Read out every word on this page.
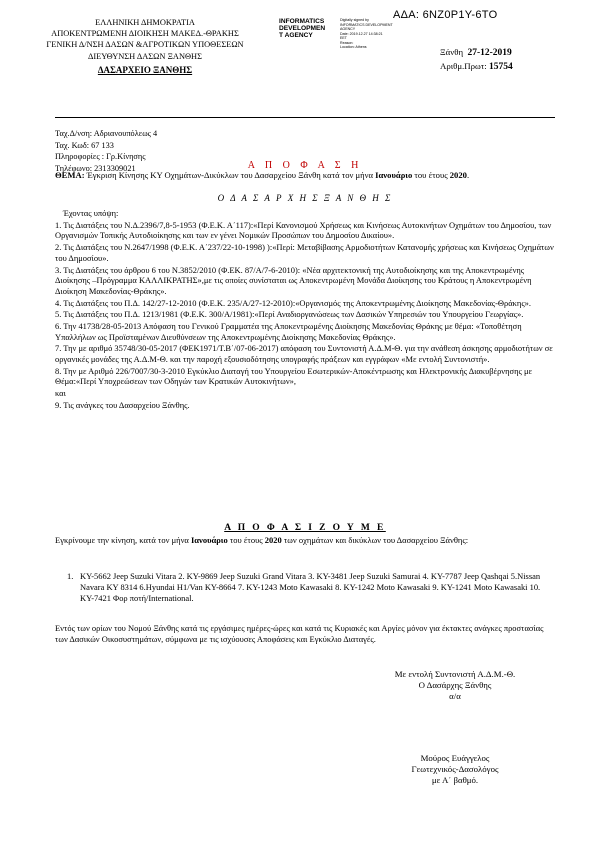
ΑΔΑ: 6ΝΖ0Ρ1Υ-6ΤΟ
ΕΛΛΗΝΙΚΗ ΔΗΜΟΚΡΑΤΙΑ
ΑΠΟΚΕΝΤΡΩΜΕΝΗ ΔΙΟΙΚΗΣΗ ΜΑΚΕΔ.-ΘΡΑΚΗΣ
ΓΕΝΙΚΗ Δ/ΝΣΗ ΔΑΣΩΝ &ΑΓΡΟΤΙΚΩΝ ΥΠΟΘΕΣΕΩΝ
ΔΙΕΥΘΥΝΣΗ ΔΑΣΩΝ ΞΑΝΘΗΣ
ΔΑΣΑΡΧΕΙΟ ΞΑΝΘΗΣ
INFORMATICS
DEVELOPMEN
T AGENCY
Digitally signed by
INFORMATICS DEVELOPMENT AGENCY
Date: 2019.12.27 14:38:21
EET
Reason:
Location: Athens	Ξάνθη 27-12-2019
Αριθμ.Πρωτ: 15754
Ταχ.Δ/νση: Αδριανουπόλεως 4
Ταχ. Κωδ: 67 133
Πληροφορίες : Γρ.Κίνησης
Τηλέφωνο: 2313309021	Α Π Ο Φ Α Σ Η
ΘΕΜΑ: Έγκριση Κίνησης ΚΥ Οχημάτων-Δικύκλων του Δασαρχείου Ξάνθη κατά τον μήνα Ιανουάριο του έτους 2020.
Ο Δ Α Σ Α Ρ Χ Η Σ Ξ Α Ν Θ Η Σ

Έχοντας υπόψη:

1. Τις Διατάξεις του Ν.Δ.2396/7,8-5-1953 (Φ.Ε.Κ. Α΄117):«Περί Κανονισμού Χρήσεως και Κινήσεως Αυτοκινήτων Οχημάτων του Δημοσίου, των Οργανισμών Τοπικής Αυτοδιοίκησης και των εν γένει Νομικών Προσώπων του Δημοσίου Δικαίου».

2. Τις Διατάξεις του Ν.2647/1998 (Φ.Ε.Κ. Α΄237/22-10-1998) ):«Περί: Μεταβίβασης Αρμοδιοτήτων Κατανομής χρήσεως και Κινήσεως Οχημάτων του Δημοσίου».

3. Τις Διατάξεις του άρθρου 6 του Ν.3852/2010 (Φ.ΕΚ. 87/Α/7-6-2010): «Νέα αρχιτεκτονική της Αυτοδιοίκησης και της Αποκεντρωμένης Διοίκησης –Πρόγραμμα ΚΑΛΛΙΚΡΑΤΗΣ»,με τις οποίες συνίσταται ως Αποκεντρωμένη Μονάδα Διοίκησης του Κράτους η Αποκεντρωμένη Διοίκηση Μακεδονίας-Θράκης».

4. Τις Διατάξεις του Π.Δ. 142/27-12-2010 (Φ.Ε.Κ. 235/Α/27-12-2010):«Οργανισμός της Αποκεντρωμένης Διοίκησης Μακεδονίας-Θράκης».

5. Τις Διατάξεις του Π.Δ. 1213/1981 (Φ.Ε.Κ. 300/Α/1981):«Περί Αναδιοργανώσεως των Δασικών Υπηρεσιών του Υπουργείου Γεωργίας».

6. Την 41738/28-05-2013 Απόφαση του Γενικού Γραμματέα της Αποκεντρωμένης Διοίκησης Μακεδονίας Θράκης με θέμα: «Τοποθέτηση Υπαλλήλων ως Προϊσταμένων Διευθύνσεων της Αποκεντρωμένης Διοίκησης Μακεδονίας Θράκης».

7. Την με αριθμό 35748/30-05-2017 (ΦΕΚ1971/Τ.Β΄/07-06-2017) απόφαση του Συντονιστή Α.Δ.Μ-Θ. για την ανάθεση άσκησης αρμοδιοτήτων σε οργανικές μονάδες της Α.Δ.Μ-Θ. και την παροχή εξουσιοδότησης υπογραφής πράξεων και εγγράφων «Με εντολή Συντονιστή».

8. Την με Αριθμό 226/7007/30-3-2010 Εγκύκλιο Διαταγή του Υπουργείου Εσωτερικών-Αποκέντρωσης και Ηλεκτρονικής Διακυβέρνησης με Θέμα:«Περί Υποχρεώσεων των Οδηγών των Κρατικών Αυτοκινήτων»,

και

9. Τις ανάγκες του Δασαρχείου Ξάνθης.

Α Π Ο Φ Α Σ Ι Ζ Ο Υ Μ Ε
Εγκρίνουμε την κίνηση, κατά τον μήνα Ιανουάριο του έτους 2020 των οχημάτων και δικύκλων του Δασαρχείου Ξάνθης:
1. KY-5662 Jeep Suzuki Vitara 2. KY-9869 Jeep Suzuki Grand Vitara 3. KY-3481 Jeep Suzuki Samurai 4. KY-7787 Jeep Qashqai 5.Nissan Navara KY 8314 6.Hyundai H1/Van KY-8664 7. KY-1243 Moto Kawasaki 8. KY-1242 Moto Kawasaki 9. KY-1241 Moto Kawasaki 10. KY-7421 Φορ ποτή/International.
Εντός των ορίων του Νομού Ξάνθης κατά τις εργάσιμες ημέρες-ώρες και κατά τις Κυριακές και Αργίες μόνον για έκτακτες ανάγκες προστασίας των Δασικών Οικοσυστημάτων, σύμφωνα με τις ισχύουσες Αποφάσεις και Εγκύκλιο Διαταγές.
Με εντολή Συντονιστή Α.Δ.Μ.-Θ.
Ο Δασάρχης Ξάνθης
α/α
Μούρος Ευάγγελος
Γεωτεχνικός-Δασολόγος
με Α΄ βαθμό.
